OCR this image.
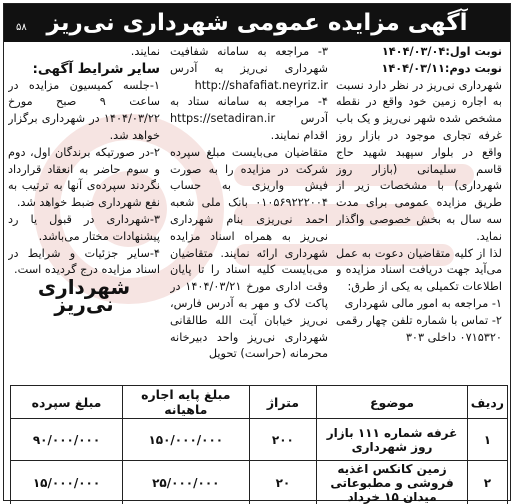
آگهی مزایده عمومی شهرداری نی‌ریز
۵۸

نوبت اول:۱۴۰۴/۰۳/۰۴

نوبت دوم:۱۴۰۴/۰۳/۱۱

شهرداری نی‌ریز در نظر دارد نسبت به اجاره زمین خود واقع در نقطه مشخص شده شهر نی‌ریز و یک باب غرفه تجاری موجود در بازار روز واقع در بلوار سپهبد شهید حاج قاسم سلیمانی (بازار روز شهرداری) با مشخصات زیر از طریق مزایده عمومی برای مدت سه سال به بخش خصوصی واگذار نماید.

لذا از کلیه متقاضیان دعوت به عمل می‌آید جهت دریافت اسناد مزایده و اطلاعات تکمیلی به یکی از طرق:

۱- مراجعه به امور مالی شهرداری

۲- تماس با شماره تلفن چهار رقمی ۰۷۱۵۳۲۰ داخلی ۳۰۳

۳- مراجعه به سامانه شفافیت شهرداری نی‌ریز به آدرس http://shafafiat.neyriz.ir

۴- مراجعه به سامانه ستاد به آدرس https://setadiran.ir اقدام نمایند.

متقاضیان می‌بایست مبلغ سپرده شرکت در مزایده را به صورت فیش واریزی به حساب ۰۱۰۵۶۹۲۲۲۰۰۴ بانک ملی شعبه احمد نی‌ریزی بنام شهرداری نی‌ریز به همراه اسناد مزایده شهرداری ارائه نمایند. متقاضیان می‌بایست کلیه اسناد را تا پایان وقت اداری مورخ ۱۴۰۴/۰۳/۲۱ در پاکت لاک و مهر به آدرس فارس، نی‌ریز خیابان آیت الله طالقانی شهرداری نی‌ریز واحد دبیرخانه محرمانه (حراست) تحویل

نمایند.

سایر شرایط آگهی:

۱-جلسه کمیسیون مزایده در ساعت ۹ صبح مورخ ۱۴۰۴/۰۳/۲۲ در شهرداری برگزار خواهد شد.

۲-در صورتیکه برندگان اول، دوم و سوم حاضر به انعقاد قرارداد نگردند سپرده‌ی آنها به ترتیب به نفع شهرداری ضبط خواهد شد.

۳-شهرداری در قبول یا رد پیشنهادات مختار می‌باشد.

۴-سایر جزئیات و شرایط در اسناد مزایده درج گردیده است.

شهرداری نی‌ریز

ردیف	موضوع	متراژ	مبلغ پایه اجاره ماهیانه	مبلغ سپرده
۱	غرفه شماره ۱۱۱ بازار روز شهرداری	۲۰۰	۱۵۰/۰۰۰/۰۰۰	۹۰/۰۰۰/۰۰۰
۲	زمین کانکس اغذیه فروشی و مطبوعاتی میدان ۱۵ خرداد	۲۰	۲۵/۰۰۰/۰۰۰	۱۵/۰۰۰/۰۰۰
